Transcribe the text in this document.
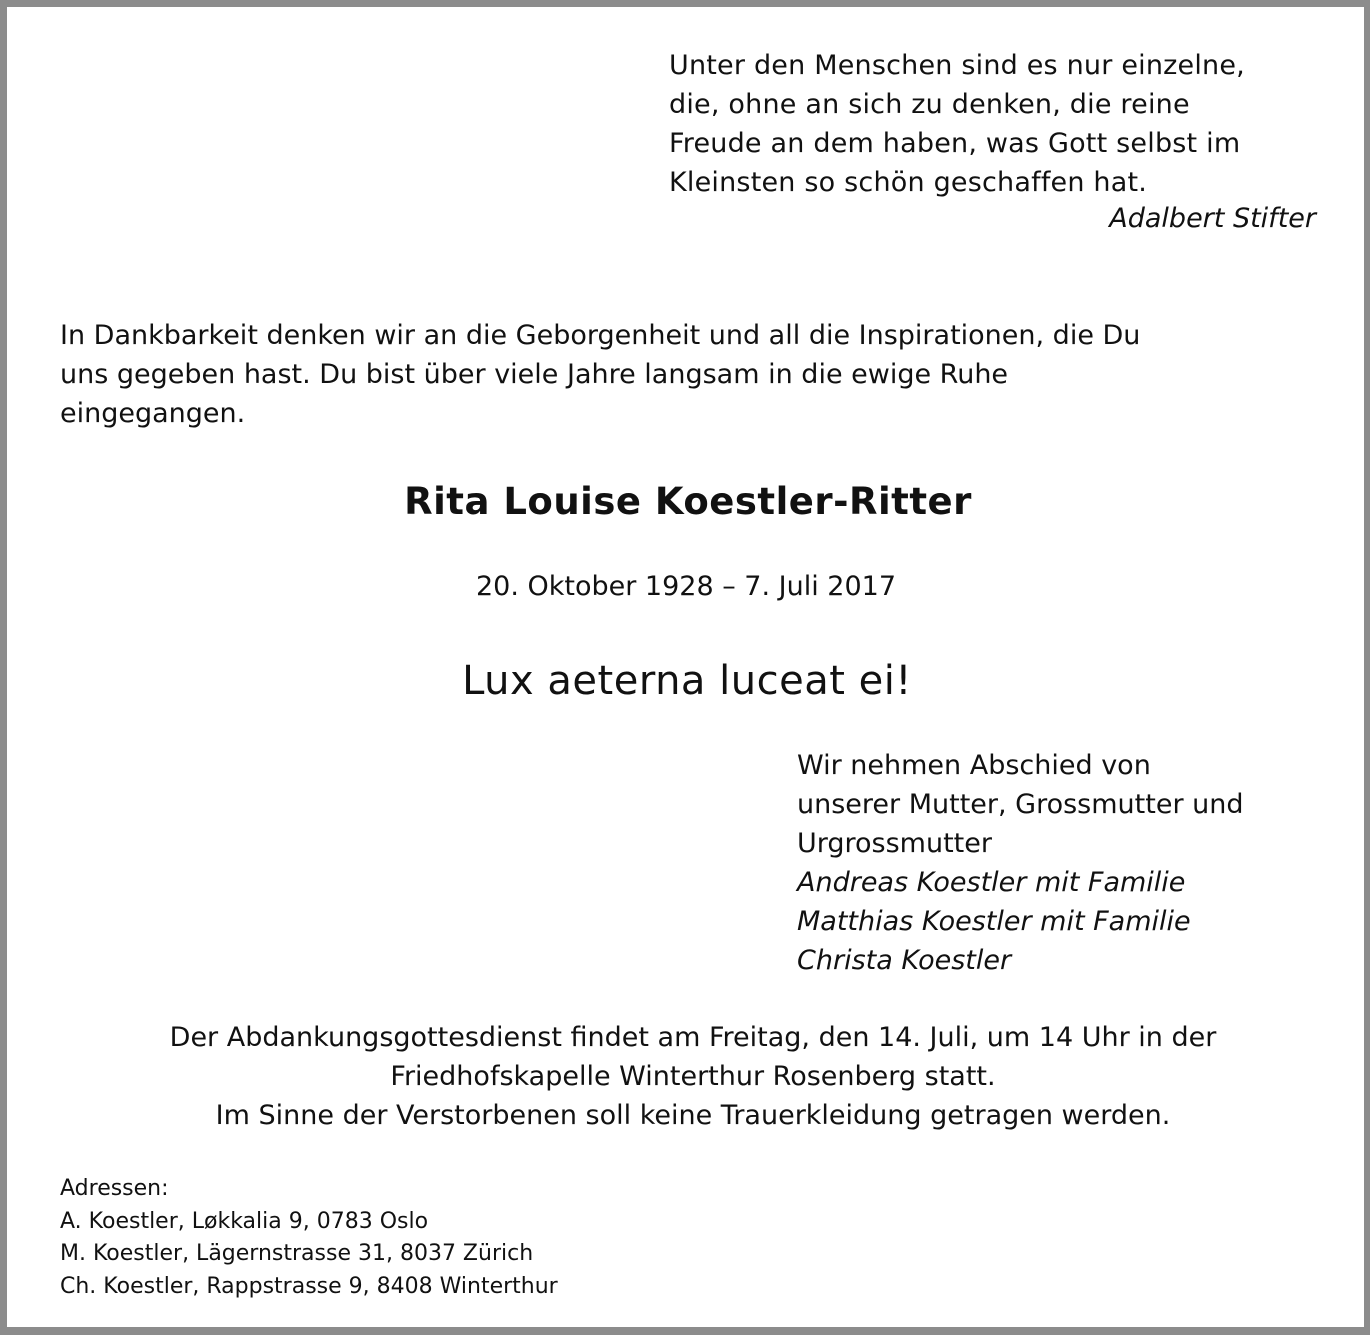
Unter den Menschen sind es nur einzelne,
die, ohne an sich zu denken, die reine
Freude an dem haben, was Gott selbst im
Kleinsten so schön geschaffen hat.
Adalbert Stifter
In Dankbarkeit denken wir an die Geborgenheit und all die Inspirationen, die Du
uns gegeben hast. Du bist über viele Jahre langsam in die ewige Ruhe
eingegangen.
Rita Louise Koestler-Ritter
20. Oktober 1928 – 7. Juli 2017
Lux aeterna luceat ei!
Wir nehmen Abschied von
unserer Mutter, Grossmutter und
Urgrossmutter
Andreas Koestler mit Familie
Matthias Koestler mit Familie
Christa Koestler
Der Abdankungsgottesdienst findet am Freitag, den 14. Juli, um 14 Uhr in der
Friedhofskapelle Winterthur Rosenberg statt.
Im Sinne der Verstorbenen soll keine Trauerkleidung getragen werden.
Adressen:
A. Koestler, Løkkalia 9, 0783 Oslo
M. Koestler, Lägernstrasse 31, 8037 Zürich
Ch. Koestler, Rappstrasse 9, 8408 Winterthur
